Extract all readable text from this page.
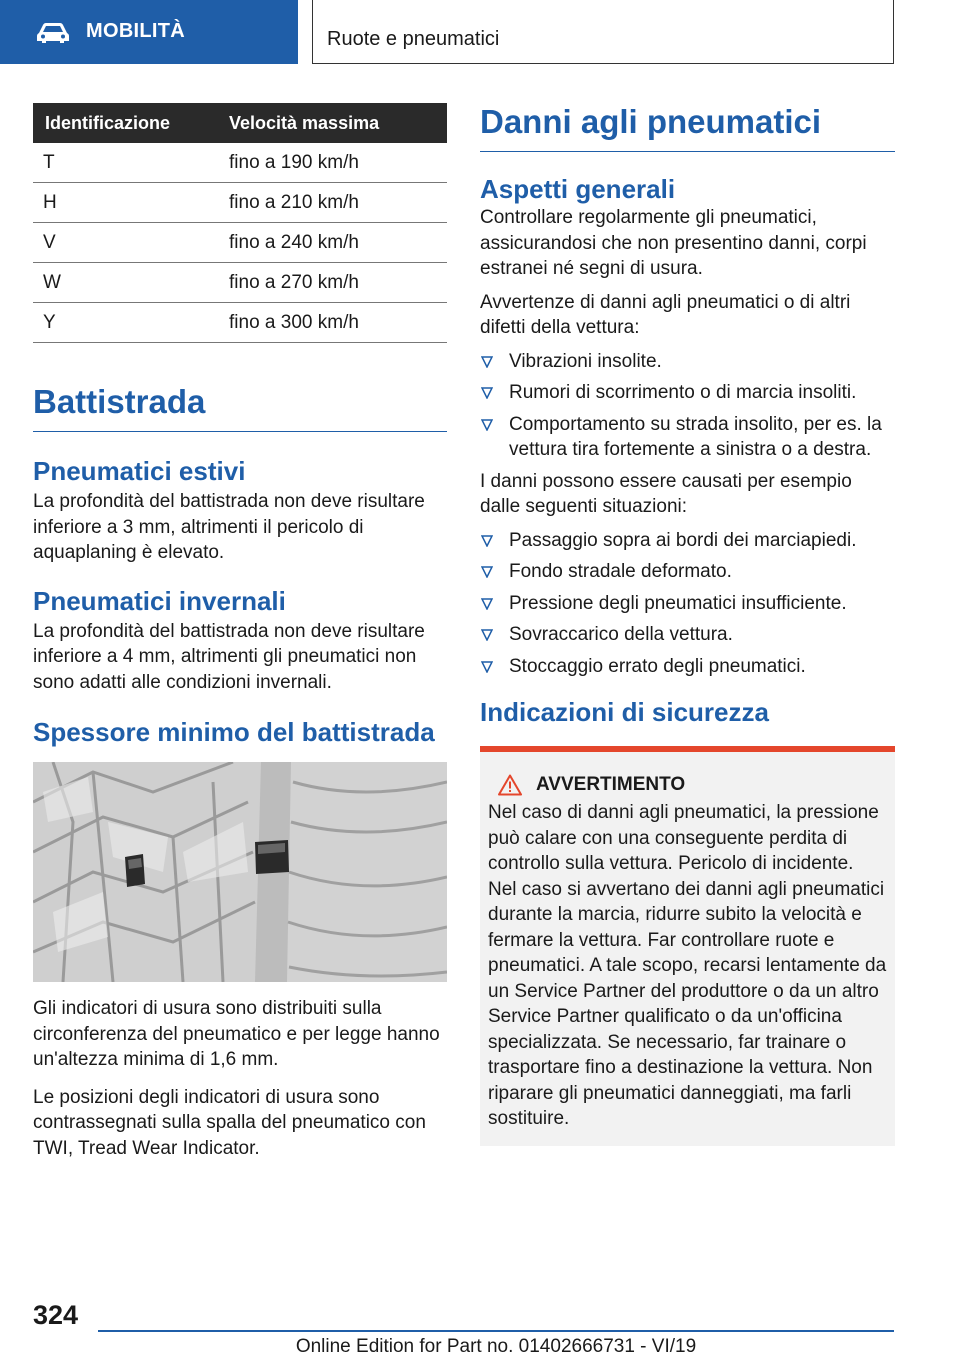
MOBILITÀ	Ruote e pneumatici
Identificazione	Velocità massima
T	fino a 190 km/h
H	fino a 210 km/h
V	fino a 240 km/h
W	fino a 270 km/h
Y	fino a 300 km/h
Battistrada
Pneumatici estivi

La profondità del battistrada non deve risultare inferiore a 3 mm, altrimenti il pericolo di aquaplaning è elevato.

Pneumatici invernali

La profondità del battistrada non deve risultare inferiore a 4 mm, altrimenti gli pneumatici non sono adatti alle condizioni invernali.

Spessore minimo del battistrada

Gli indicatori di usura sono distribuiti sulla circonferenza del pneumatico e per legge hanno un'altezza minima di 1,6 mm.

Le posizioni degli indicatori di usura sono contrassegnati sulla spalla del pneumatico con TWI, Tread Wear Indicator.

Danni agli pneumatici
Aspetti generali

Controllare regolarmente gli pneumatici, assicurandosi che non presentino danni, corpi estranei né segni di usura.

Avvertenze di danni agli pneumatici o di altri difetti della vettura:

Vibrazioni insolite.
Rumori di scorrimento o di marcia insoliti.
Comportamento su strada insolito, per es. la vettura tira fortemente a sinistra o a destra.

I danni possono essere causati per esempio dalle seguenti situazioni:

Passaggio sopra ai bordi dei marciapiedi.
Fondo stradale deformato.
Pressione degli pneumatici insufficiente.
Sovraccarico della vettura.
Stoccaggio errato degli pneumatici.
Indicazioni di sicurezza
AVVERTIMENTO

Nel caso di danni agli pneumatici, la pressione può calare con una conseguente perdita di controllo sulla vettura. Pericolo di incidente. Nel caso si avvertano dei danni agli pneumatici durante la marcia, ridurre subito la velocità e fermare la vettura. Far controllare ruote e pneumatici. A tale scopo, recarsi lentamente da un Service Partner del produttore o da un altro Service Partner qualificato o da un'officina specializzata. Se necessario, far trainare o trasportare fino a destinazione la vettura. Non riparare gli pneumatici danneggiati, ma farli sostituire.

324
Online Edition for Part no. 01402666731 - VI/19
